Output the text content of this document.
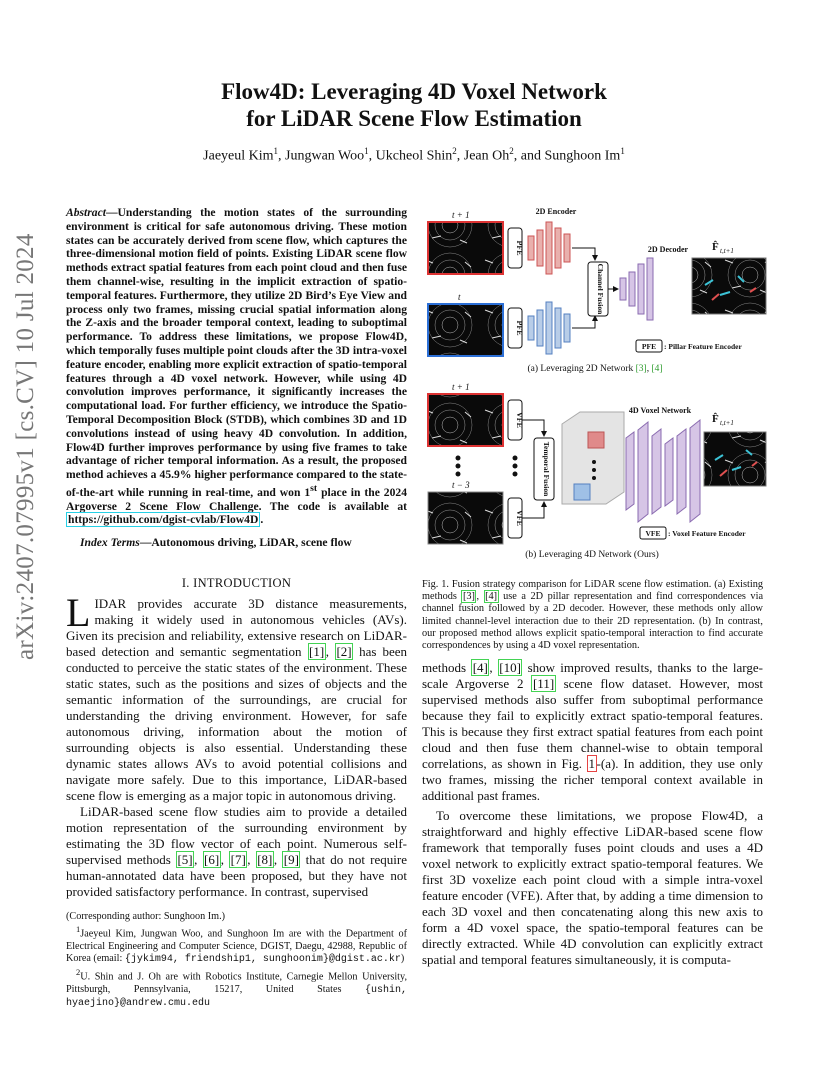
arXiv:2407.07995v1 [cs.CV] 10 Jul 2024
Flow4D: Leveraging 4D Voxel Network
for LiDAR Scene Flow Estimation
Jaeyeul Kim$^1$, Jungwan Woo$^1$, Ukcheol Shin$^2$, Jean Oh$^2$, and Sunghoon Im$^1$
Abstract—Understanding the motion states of the surrounding environment is critical for safe autonomous driving. These motion states can be accurately derived from scene flow, which captures the three-dimensional motion field of points. Existing LiDAR scene flow methods extract spatial features from each point cloud and then fuse them channel-wise, resulting in the implicit extraction of spatio-temporal features. Furthermore, they utilize 2D Bird’s Eye View and process only two frames, missing crucial spatial information along the Z-axis and the broader temporal context, leading to suboptimal performance. To address these limitations, we propose Flow4D, which temporally fuses multiple point clouds after the 3D intra-voxel feature encoder, enabling more explicit extraction of spatio-temporal features through a 4D voxel network. However, while using 4D convolution improves performance, it significantly increases the computational load. For further efficiency, we introduce the Spatio-Temporal Decomposition Block (STDB), which combines 3D and 1D convolutions instead of using heavy 4D convolution. In addition, Flow4D further improves performance by using five frames to take advantage of richer temporal information. As a result, the proposed method achieves a 45.9% higher performance compared to the state-of-the-art while running in real-time, and won 1st place in the 2024 Argoverse 2 Scene Flow Challenge. The code is available at https://github.com/dgist-cvlab/Flow4D .
Index Terms—Autonomous driving, LiDAR, scene flow
I. INTRODUCTION

LIDAR provides accurate 3D distance measurements, making it widely used in autonomous vehicles (AVs). Given its precision and reliability, extensive research on LiDAR-based detection and semantic segmentation [1] , [2] has been conducted to perceive the static states of the environment. These static states, such as the positions and sizes of objects and the semantic information of the surroundings, are crucial for understanding the driving environment. However, for safe autonomous driving, information about the motion of surrounding objects is also essential. Understanding these dynamic states allows AVs to avoid potential collisions and navigate more safely. Due to this importance, LiDAR-based scene flow is emerging as a major topic in autonomous driving.

LiDAR-based scene flow studies aim to provide a detailed motion representation of the surrounding environment by estimating the 3D flow vector of each point. Numerous self-supervised methods [5] , [6] , [7] , [8] , [9] that do not require human-annotated data have been proposed, but they have not provided satisfactory performance. In contrast, supervised

(Corresponding author: Sunghoon Im.)

$^1$Jaeyeul Kim, Jungwan Woo, and Sunghoon Im are with the Department of Electrical Engineering and Computer Science, DGIST, Daegu, 42988, Republic of Korea (email: {jykim94, friendship1, sunghoonim}@dgist.ac.kr)

$^2$U. Shin and J. Oh are with Robotics Institute, Carnegie Mellon University, Pittsburgh, Pennsylvania, 15217, United States {ushin, hyaejino}@andrew.cmu.edu

t + 1
t
PFE
PFE
2D Encoder
Channel Fusion
2D Decoder F̂ t,t+1
PFE : Pillar Feature Encoder
(a) Leveraging 2D Network [3], [4]
t + 1
t − 3
VFE
VFE
Temporal Fusion
4D Voxel Network
F̂ t,t+1
VFE : Voxel Feature Encoder
(b) Leveraging 4D Network (Ours)
Fig. 1. Fusion strategy comparison for LiDAR scene flow estimation. (a) Existing methods [3] , [4] use a 2D pillar representation and find correspondences via channel fusion followed by a 2D decoder. However, these methods only allow limited channel-level interaction due to their 2D representation. (b) In contrast, our proposed method allows explicit spatio-temporal interaction to find accurate correspondences by using a 4D voxel representation.

methods [4] , [10] show improved results, thanks to the large-scale Argoverse 2 [11] scene flow dataset. However, most supervised methods also suffer from suboptimal performance because they fail to explicitly extract spatio-temporal features. This is because they first extract spatial features from each point cloud and then fuse them channel-wise to obtain temporal correlations, as shown in Fig. 1 -(a). In addition, they use only two frames, missing the richer temporal context available in additional past frames.

To overcome these limitations, we propose Flow4D, a straightforward and highly effective LiDAR-based scene flow framework that temporally fuses point clouds and uses a 4D voxel network to explicitly extract spatio-temporal features. We first 3D voxelize each point cloud with a simple intra-voxel feature encoder (VFE). After that, by adding a time dimension to each 3D voxel and then concatenating along this new axis to form a 4D voxel space, the spatio-temporal features can be directly extracted. While 4D convolution can explicitly extract spatial and temporal features simultaneously, it is computa-
